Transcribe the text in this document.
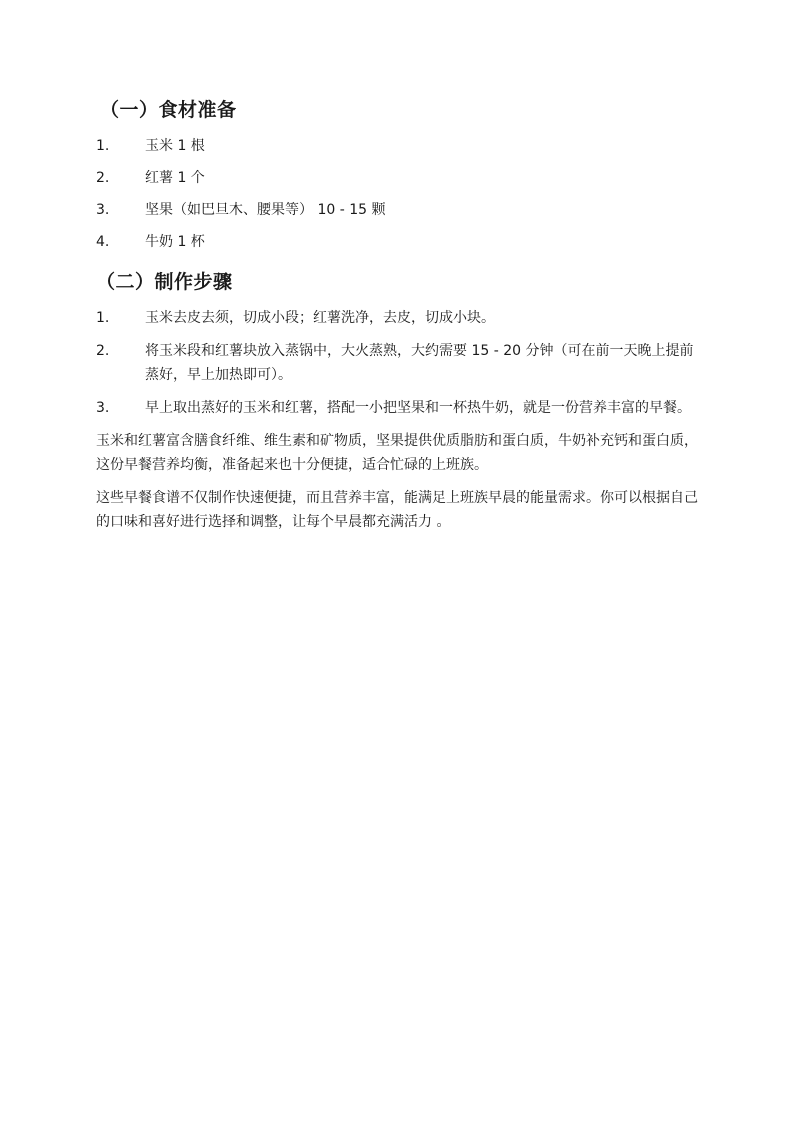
（一）食材准备
1.	玉米 1 根
2.	红薯 1 个
3.	坚果（如巴旦木、腰果等） 10 - 15 颗
4.	牛奶 1 杯
（二）制作步骤
1.	玉米去皮去须，切成小段；红薯洗净，去皮，切成小块。
2.	将玉米段和红薯块放入蒸锅中，大火蒸熟，大约需要 15 - 20 分钟（可在前一天晚上提前蒸好，早上加热即可）。
3.	早上取出蒸好的玉米和红薯，搭配一小把坚果和一杯热牛奶，就是一份营养丰富的早餐。

玉米和红薯富含膳食纤维、维生素和矿物质，坚果提供优质脂肪和蛋白质，牛奶补充钙和蛋白质，这份早餐营养均衡，准备起来也十分便捷，适合忙碌的上班族。

这些早餐食谱不仅制作快速便捷，而且营养丰富，能满足上班族早晨的能量需求。你可以根据自己的口味和喜好进行选择和调整，让每个早晨都充满活力 。
